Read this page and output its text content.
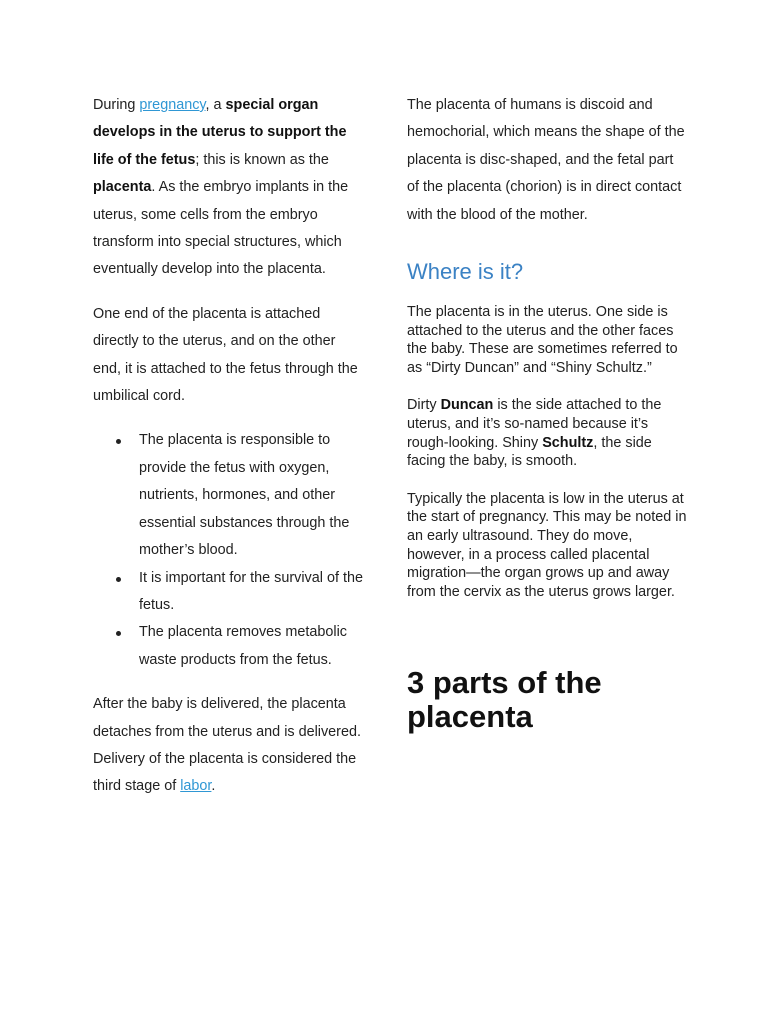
During pregnancy, a special organ develops in the uterus to support the life of the fetus; this is known as the placenta. As the embryo implants in the uterus, some cells from the embryo transform into special structures, which eventually develop into the placenta.

One end of the placenta is attached directly to the uterus, and on the other end, it is attached to the fetus through the umbilical cord.

The placenta is responsible to provide the fetus with oxygen, nutrients, hormones, and other essential substances through the mother’s blood.
It is important for the survival of the fetus.
The placenta removes metabolic waste products from the fetus.

After the baby is delivered, the placenta detaches from the uterus and is delivered. Delivery of the placenta is considered the third stage of labor.

The placenta of humans is discoid and hemochorial, which means the shape of the placenta is disc-shaped, and the fetal part of the placenta (chorion) is in direct contact with the blood of the mother.

Where is it?

The placenta is in the uterus. One side is attached to the uterus and the other faces the baby. These are sometimes referred to as “Dirty Duncan” and “Shiny Schultz.”

Dirty Duncan is the side attached to the uterus, and it’s so-named because it’s rough-looking. Shiny Schultz, the side facing the baby, is smooth.

Typically the placenta is low in the uterus at the start of pregnancy. This may be noted in an early ultrasound. They do move, however, in a process called placental migration—the organ grows up and away from the cervix as the uterus grows larger.

3 parts of the placenta
